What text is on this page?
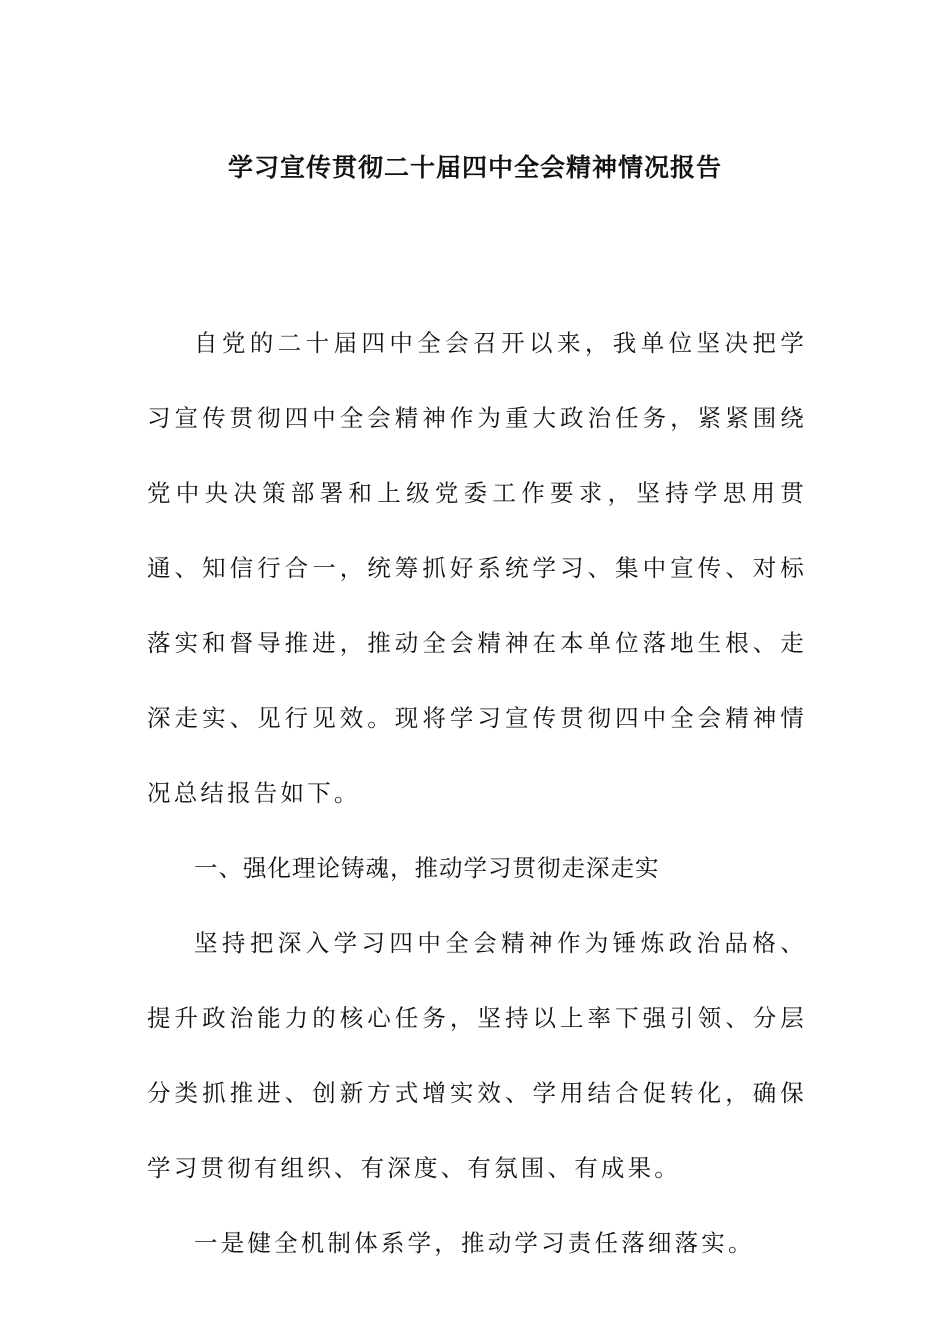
学习宣传贯彻二十届四中全会精神情况报告

自党的二十届四中全会召开以来，我单位坚决把学习宣传贯彻四中全会精神作为重大政治任务，紧紧围绕党中央决策部署和上级党委工作要求，坚持学思用贯通、知信行合一，统筹抓好系统学习、集中宣传、对标落实和督导推进，推动全会精神在本单位落地生根、走深走实、见行见效。现将学习宣传贯彻四中全会精神情况总结报告如下。

一、强化理论铸魂，推动学习贯彻走深走实

坚持把深入学习四中全会精神作为锤炼政治品格、提升政治能力的核心任务，坚持以上率下强引领、分层分类抓推进、创新方式增实效、学用结合促转化，确保学习贯彻有组织、有深度、有氛围、有成果。

一是健全机制体系学，推动学习责任落细落实。
